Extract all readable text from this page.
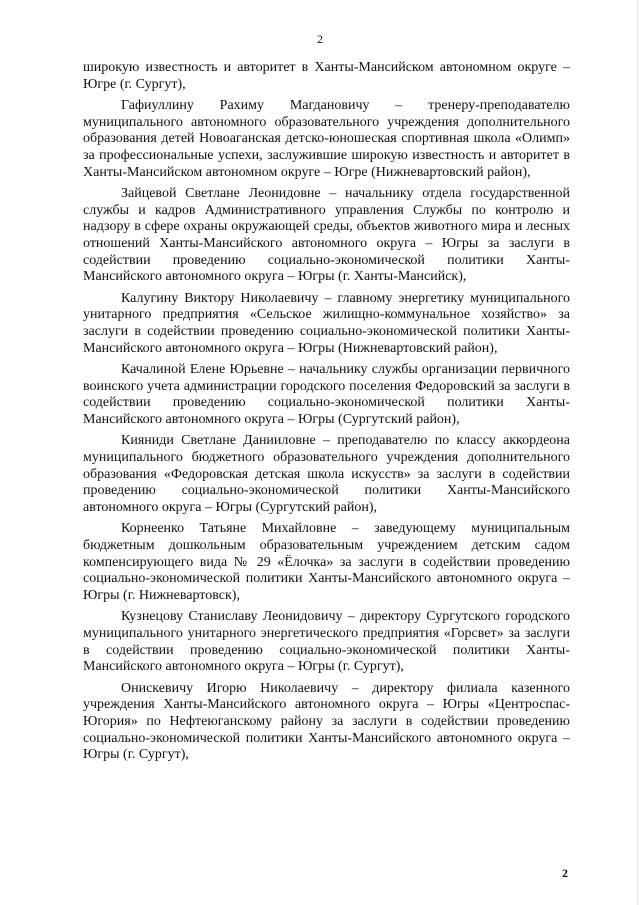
2

широкую известность и авторитет в Ханты-Мансийском автономном округе – Югре (г. Сургут),

Гафиуллину Рахиму Магдановичу – тренеру-преподавателю муниципального автономного образовательного учреждения дополнительного образования детей Новоаганская детско-юношеская спортивная школа «Олимп» за профессиональные успехи, заслужившие широкую известность и авторитет в Ханты-Мансийском автономном округе – Югре (Нижневартовский район),

Зайцевой Светлане Леонидовне – начальнику отдела государственной службы и кадров Административного управления Службы по контролю и надзору в сфере охраны окружающей среды, объектов животного мира и лесных отношений Ханты-Мансийского автономного округа – Югры за заслуги в содействии проведению социально-экономической политики Ханты-Мансийского автономного округа – Югры (г. Ханты-Мансийск),

Калугину Виктору Николаевичу – главному энергетику муниципального унитарного предприятия «Сельское жилищно-коммунальное хозяйство» за заслуги в содействии проведению социально-экономической политики Ханты-Мансийского автономного округа – Югры (Нижневартовский район),

Качалиной Елене Юрьевне – начальнику службы организации первичного воинского учета администрации городского поселения Федоровский за заслуги в содействии проведению социально-экономической политики Ханты-Мансийского автономного округа – Югры (Сургутский район),

Кияниди Светлане Данииловне – преподавателю по классу аккордеона муниципального бюджетного образовательного учреждения дополнительного образования «Федоровская детская школа искусств» за заслуги в содействии проведению социально-экономической политики Ханты-Мансийского автономного округа – Югры (Сургутский район),

Корнеенко Татьяне Михайловне – заведующему муниципальным бюджетным дошкольным образовательным учреждением детским садом компенсирующего вида № 29 «Ёлочка» за заслуги в содействии проведению социально-экономической политики Ханты-Мансийского автономного округа – Югры (г. Нижневартовск),

Кузнецову Станиславу Леонидовичу – директору Сургутского городского муниципального унитарного энергетического предприятия «Горсвет» за заслуги в содействии проведению социально-экономической политики Ханты-Мансийского автономного округа – Югры (г. Сургут),

Онискевичу Игорю Николаевичу – директору филиала казенного учреждения Ханты-Мансийского автономного округа – Югры «Центроспас-Югория» по Нефтеюганскому району за заслуги в содействии проведению социально-экономической политики Ханты-Мансийского автономного округа – Югры (г. Сургут),

2
